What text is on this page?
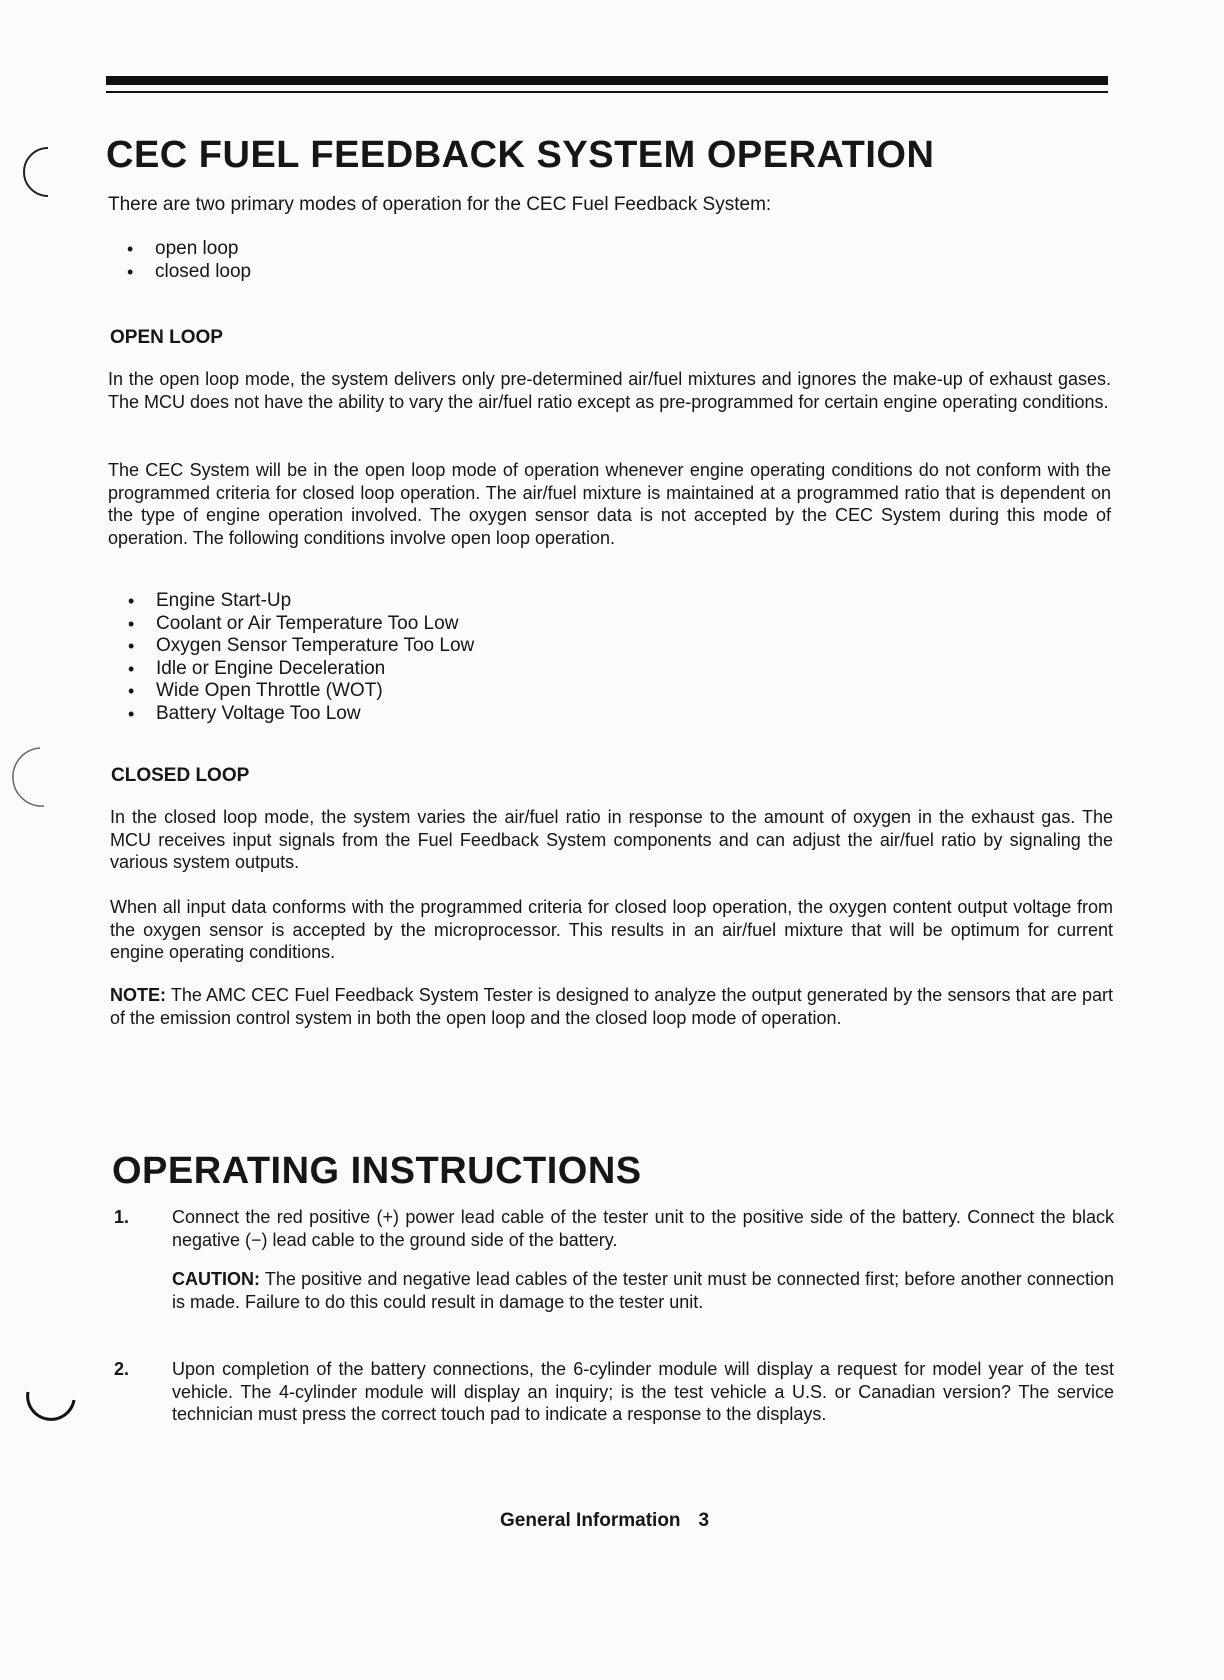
CEC FUEL FEEDBACK SYSTEM OPERATION
There are two primary modes of operation for the CEC Fuel Feedback System:
• open loop
• closed loop
OPEN LOOP

In the open loop mode, the system delivers only pre-determined air/fuel mixtures and ignores the make-up of exhaust gases. The MCU does not have the ability to vary the air/fuel ratio except as pre-programmed for certain engine operating conditions.

The CEC System will be in the open loop mode of operation whenever engine operating conditions do not conform with the programmed criteria for closed loop operation. The air/fuel mixture is maintained at a programmed ratio that is dependent on the type of engine operation involved. The oxygen sensor data is not accepted by the CEC System during this mode of operation. The following conditions involve open loop operation.

• Engine Start-Up
• Coolant or Air Temperature Too Low
• Oxygen Sensor Temperature Too Low
• Idle or Engine Deceleration
• Wide Open Throttle (WOT)
• Battery Voltage Too Low
CLOSED LOOP

In the closed loop mode, the system varies the air/fuel ratio in response to the amount of oxygen in the exhaust gas. The MCU receives input signals from the Fuel Feedback System components and can adjust the air/fuel ratio by signaling the various system outputs.

When all input data conforms with the programmed criteria for closed loop operation, the oxygen content output voltage from the oxygen sensor is accepted by the microprocessor. This results in an air/fuel mixture that will be optimum for current engine operating conditions.

NOTE: The AMC CEC Fuel Feedback System Tester is designed to analyze the output generated by the sensors that are part of the emission control system in both the open loop and the closed loop mode of operation.

OPERATING INSTRUCTIONS
1. Connect the red positive (+) power lead cable of the tester unit to the positive side of the battery. Connect the black negative (−) lead cable to the ground side of the battery.
CAUTION: The positive and negative lead cables of the tester unit must be connected first; before another connection is made. Failure to do this could result in damage to the tester unit.
2. Upon completion of the battery connections, the 6-cylinder module will display a request for model year of the test vehicle. The 4-cylinder module will display an inquiry; is the test vehicle a U.S. or Canadian version? The service technician must press the correct touch pad to indicate a response to the displays.
General Information 3
